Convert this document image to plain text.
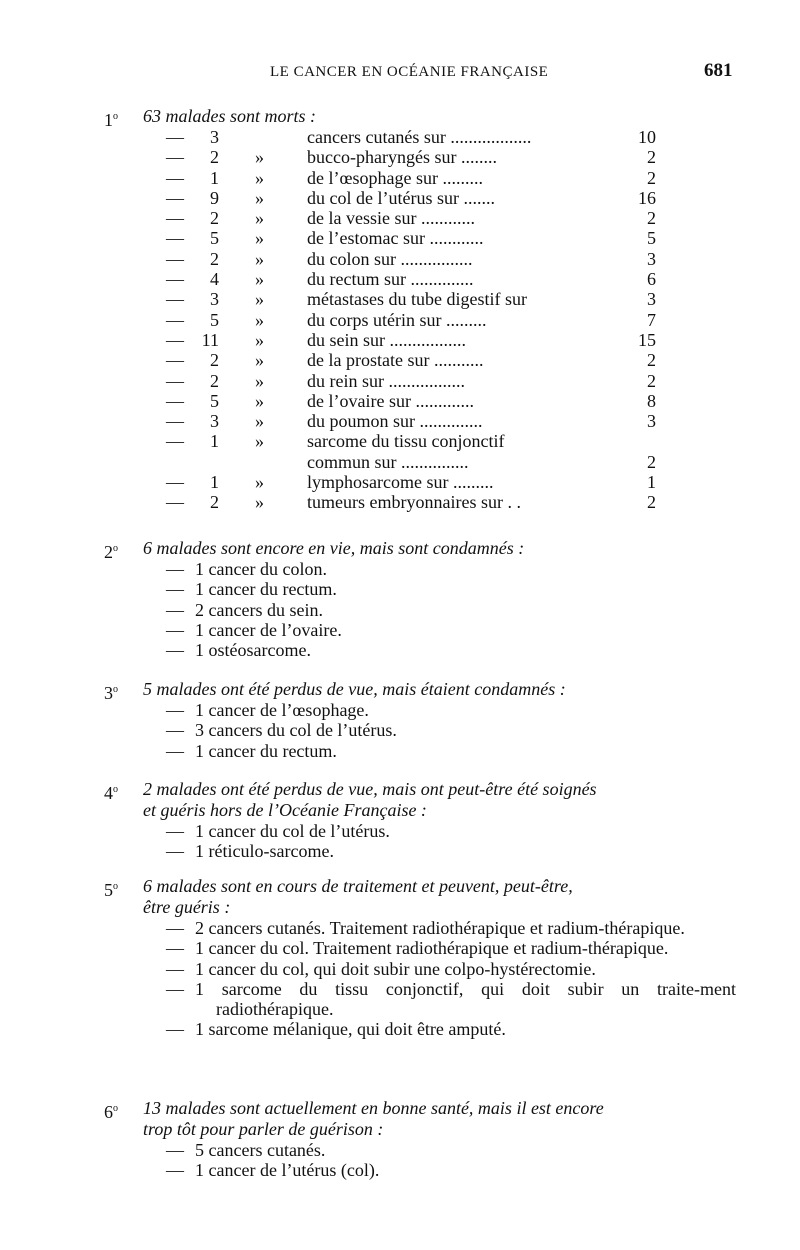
LE CANCER EN OCÉANIE FRANÇAISE	681
1$^o$ 63 malades sont morts :
—	3	cancers cutanés sur ..................	10
—	2 » bucco-pharyngés sur ........	2
—	1 » de l’œsophage sur .........	2
—	9 » du col de l’utérus sur .......	16
—	2 » de la vessie sur ............	2
—	5 » de l’estomac sur ............	5
—	2 » du colon sur ................	3
—	4 » du rectum sur ..............	6
—	3 » métastases du tube digestif sur	3
—	5 » du corps utérin sur .........	7
— 11 » du sein sur .................	15
—	2 » de la prostate sur ...........	2
—	2 » du rein sur .................	2
—	5 » de l’ovaire sur .............	8
—	3 » du poumon sur ..............	3
—	1 » sarcome du tissu conjonctif
commun sur ...............	2
—	1 » lymphosarcome sur .........	1
—	2 » tumeurs embryonnaires sur . .	2
2$^o$ 6 malades sont encore en vie, mais sont condamnés :
— 1 cancer du colon.
— 1 cancer du rectum.
— 2 cancers du sein.
— 1 cancer de l’ovaire.
— 1 ostéosarcome.
3$^o$ 5 malades ont été perdus de vue, mais étaient condamnés :
— 1 cancer de l’œsophage.
— 3 cancers du col de l’utérus.
— 1 cancer du rectum.
4$^o$ 2 malades ont été perdus de vue, mais ont peut-être été soignés
et guéris hors de l’Océanie Française :
— 1 cancer du col de l’utérus.
— 1 réticulo-sarcome.
5$^o$ 6 malades sont en cours de traitement et peuvent, peut-être,
être guéris :
— 2 cancers cutanés. Traitement radiothérapique et radium-thérapique.
— 1 cancer du col. Traitement radiothérapique et radium-thérapique.
— 1 cancer du col, qui doit subir une colpo-hystérectomie.
— 1 sarcome du tissu conjonctif, qui doit subir un traite-ment radiothérapique.
— 1 sarcome mélanique, qui doit être amputé.
6$^o$ 13 malades sont actuellement en bonne santé, mais il est encore
trop tôt pour parler de guérison :
— 5 cancers cutanés.
— 1 cancer de l’utérus (col).
